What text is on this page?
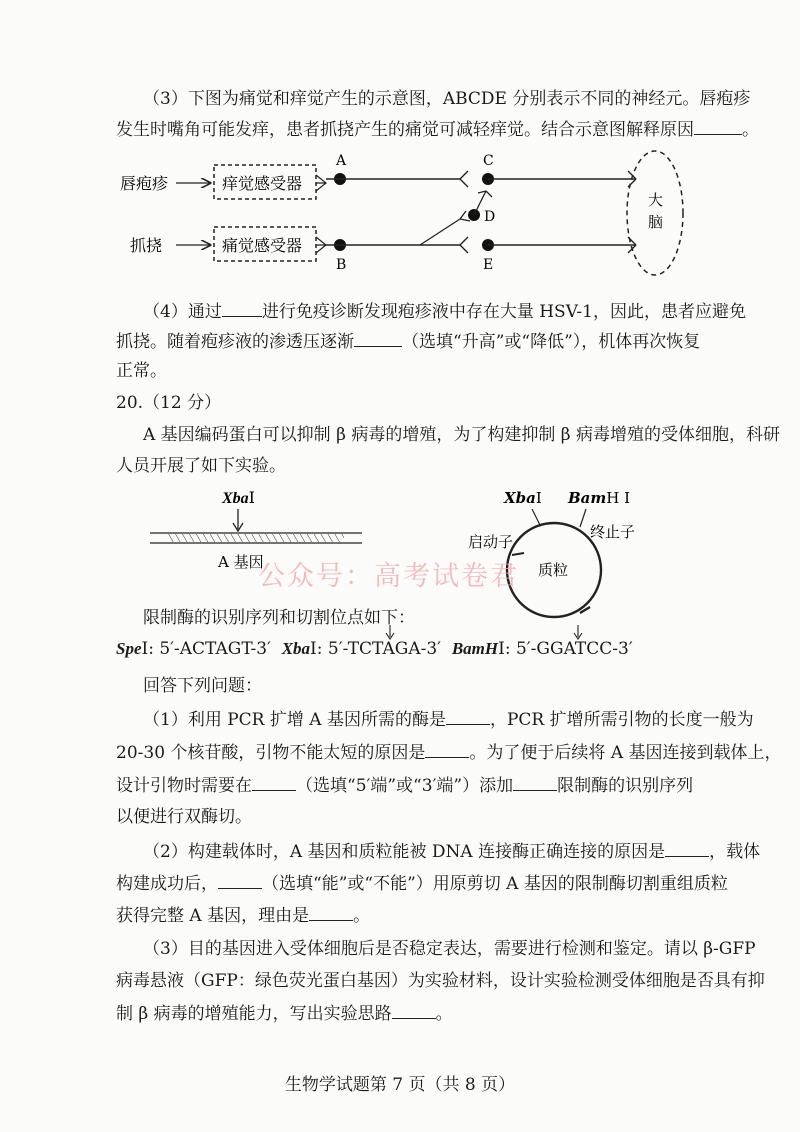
（3）下图为痛觉和痒觉产生的示意图，ABCDE 分别表示不同的神经元。唇疱疹
发生时嘴角可能发痒，患者抓挠产生的痛觉可减轻痒觉。结合示意图解释原因	。
唇疱疹	痒觉感受器
A	C
D
抓挠	痛觉感受器
B	E
大
脑
（4）通过 进行免疫诊断发现疱疹液中存在大量 HSV-1，因此，患者应避免
抓挠。随着疱疹液的渗透压逐渐	（选填“升高”或“降低”），机体再次恢复
正常。
20.（12 分）
A 基因编码蛋白可以抑制 β 病毒的增殖，为了构建抑制 β 病毒增殖的受体细胞，科研
人员开展了如下实验。
XbaI
A 基因
XbaI BamH I
启动子
终止子
质粒
公众号：高考试卷君
限制酶的识别序列和切割位点如下：
SpeI: 5′-ACTAGT-3′ XbaI: 5′-TCTAGA-3′ BamHI: 5′-GGATCC-3′
回答下列问题：
（1）利用 PCR 扩增 A 基因所需的酶是	，PCR 扩增所需引物的长度一般为
20-30 个核苷酸，引物不能太短的原因是	。为了便于后续将 A 基因连接到载体上，
设计引物时需要在	（选填“5′端”或“3′端”）添加	限制酶的识别序列
以便进行双酶切。
（2）构建载体时，A 基因和质粒能被 DNA 连接酶正确连接的原因是	，载体
构建成功后，	（选填“能”或“不能”）用原剪切 A 基因的限制酶切割重组质粒
获得完整 A 基因，理由是	。
（3）目的基因进入受体细胞后是否稳定表达，需要进行检测和鉴定。请以 β-GFP
病毒悬液（GFP：绿色荧光蛋白基因）为实验材料，设计实验检测受体细胞是否具有抑
制 β 病毒的增殖能力，写出实验思路	。
生物学试题第 7 页（共 8 页）
